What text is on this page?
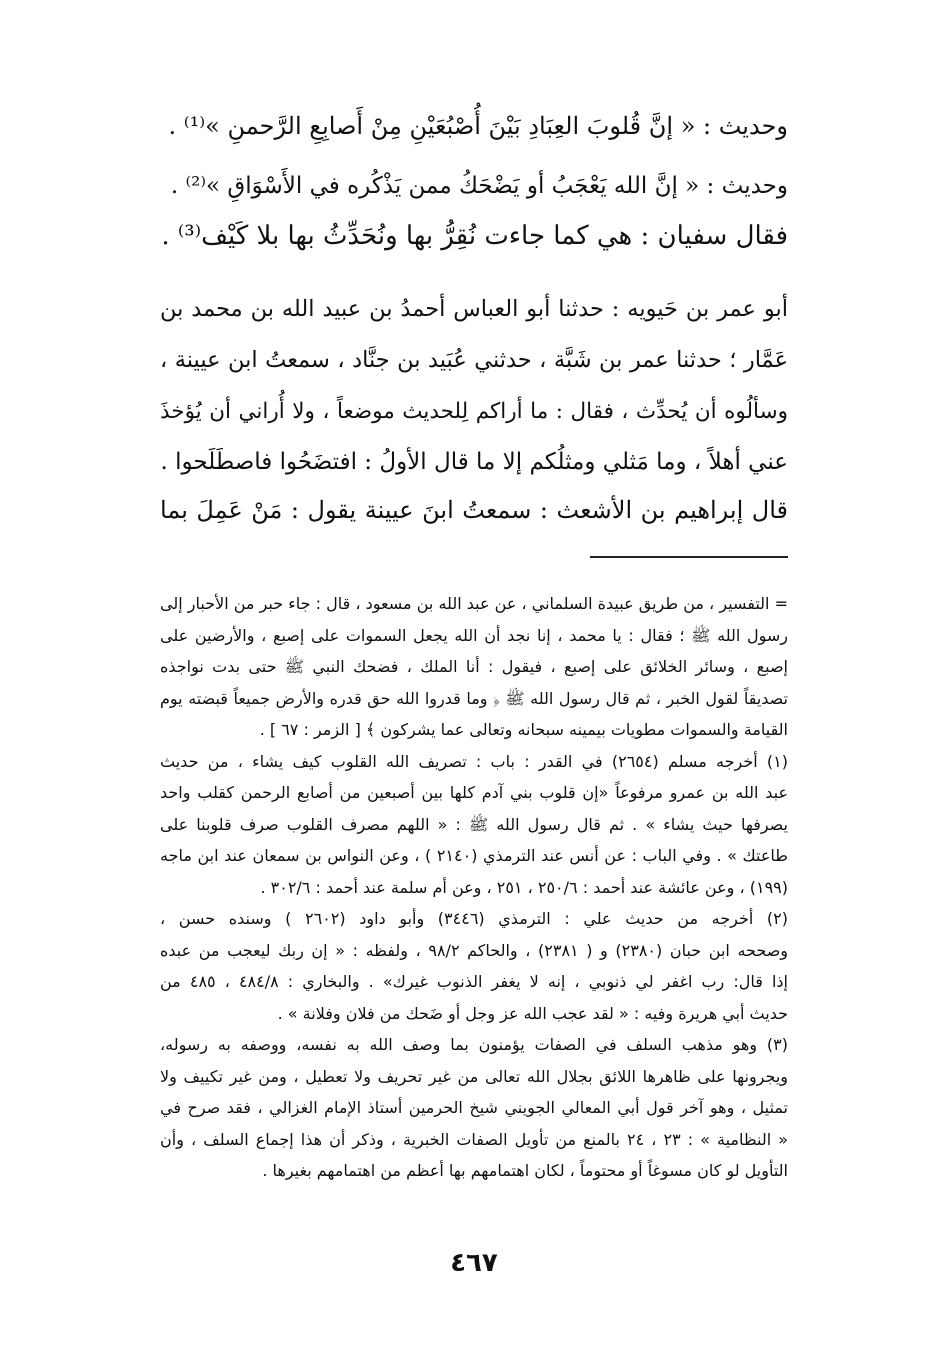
وحديث : « إنَّ قُلوبَ العِبَادِ بَيْنَ أُصْبُعَيْنِ مِنْ أَصابِعِ الرَّحمنِ »⁽¹⁾ .
وحديث : « إنَّ الله يَعْجَبُ أو يَضْحَكُ ممن يَذْكُره في الأَسْوَاقِ »⁽²⁾ .
فقال سفيان : هي كما جاءت نُقِرُّ بها ونُحَدِّثُ بها بلا كَيْف⁽³⁾ .
أبو عمر بن حَيويه : حدثنا أبو العباس أحمدُ بن عبيد الله بن محمد بن
عَمَّار ؛ حدثنا عمر بن شَبَّة ، حدثني عُبَيد بن جنَّاد ، سمعتُ ابن عيينة ،
وسألُوه أن يُحدِّث ، فقال : ما أراكم لِلحديث موضعاً ، ولا أُراني أن يُؤخذَ
عني أهلاً ، وما مَثلي ومثلُكم إلا ما قال الأولُ : افتضَحُوا فاصطَلَحوا .
قال إبراهيم بن الأشعث : سمعتُ ابنَ عيينة يقول : مَنْ عَمِلَ بما
= التفسير ، من طريق عبيدة السلماني ، عن عبد الله بن مسعود ، قال : جاء حبر من الأحبار إلى
رسول الله ﷺ ؛ فقال : يا محمد ، إنا نجد أن الله يجعل السموات على إصبع ، والأرضين على
إصبع ، وسائر الخلائق على إصبع ، فيقول : أنا الملك ، فضحك النبي ﷺ حتى بدت نواجذه
تصديقاً لقول الخبر ، ثم قال رسول الله ﷺ ﴿ وما قدروا الله حق قدره والأرض جميعاً قبضته يوم
القيامة والسموات مطويات بيمينه سبحانه وتعالى عما يشركون ﴾ [ الزمر : ٦٧ ] .
(١) أخرجه مسلم (٢٦٥٤) في القدر : باب : تصريف الله القلوب كيف يشاء ، من حديث
عبد الله بن عمرو مرفوعاً «إن قلوب بني آدم كلها بين أصبعين من أصابع الرحمن كقلب واحد
يصرفها حيث يشاء » . ثم قال رسول الله ﷺ : « اللهم مصرف القلوب صرف قلوبنا على
طاعتك » . وفي الباب : عن أنس عند الترمذي (٢١٤٠ ) ، وعن النواس بن سمعان عند ابن ماجه
(١٩٩) ، وعن عائشة عند أحمد : ٢٥٠/٦ ، ٢٥١ ، وعن أم سلمة عند أحمد : ٣٠٢/٦ .
(٢) أخرجه من حديث علي : الترمذي (٣٤٤٦) وأبو داود (٢٦٠٢ ) وسنده حسن ،
وصححه ابن حبان (٢٣٨٠) و ( ٢٣٨١) ، والحاكم ٩٨/٢ ، ولفظه : « إن ربك ليعجب من عبده
إذا قال: رب اغفر لي ذنوبي ، إنه لا يغفر الذنوب غيرك» . والبخاري : ٤٨٤/٨ ، ٤٨٥ من
حديث أبي هريرة وفيه : « لقد عجب الله عز وجل أو ضَحك من فلان وفلانة » .
(٣) وهو مذهب السلف في الصفات يؤمنون بما وصف الله به نفسه، ووصفه به رسوله،
ويجرونها على ظاهرها اللائق بجلال الله تعالى من غير تحريف ولا تعطيل ، ومن غير تكييف ولا
تمثيل ، وهو آخر قول أبي المعالي الجويني شيخ الحرمين أستاذ الإمام الغزالي ، فقد صرح في
« النظامية » : ٢٣ ، ٢٤ بالمنع من تأويل الصفات الخبرية ، وذكر أن هذا إجماع السلف ، وأن
التأويل لو كان مسوغاً أو محتوماً ، لكان اهتمامهم بها أعظم من اهتمامهم بغيرها .
٤٦٧
